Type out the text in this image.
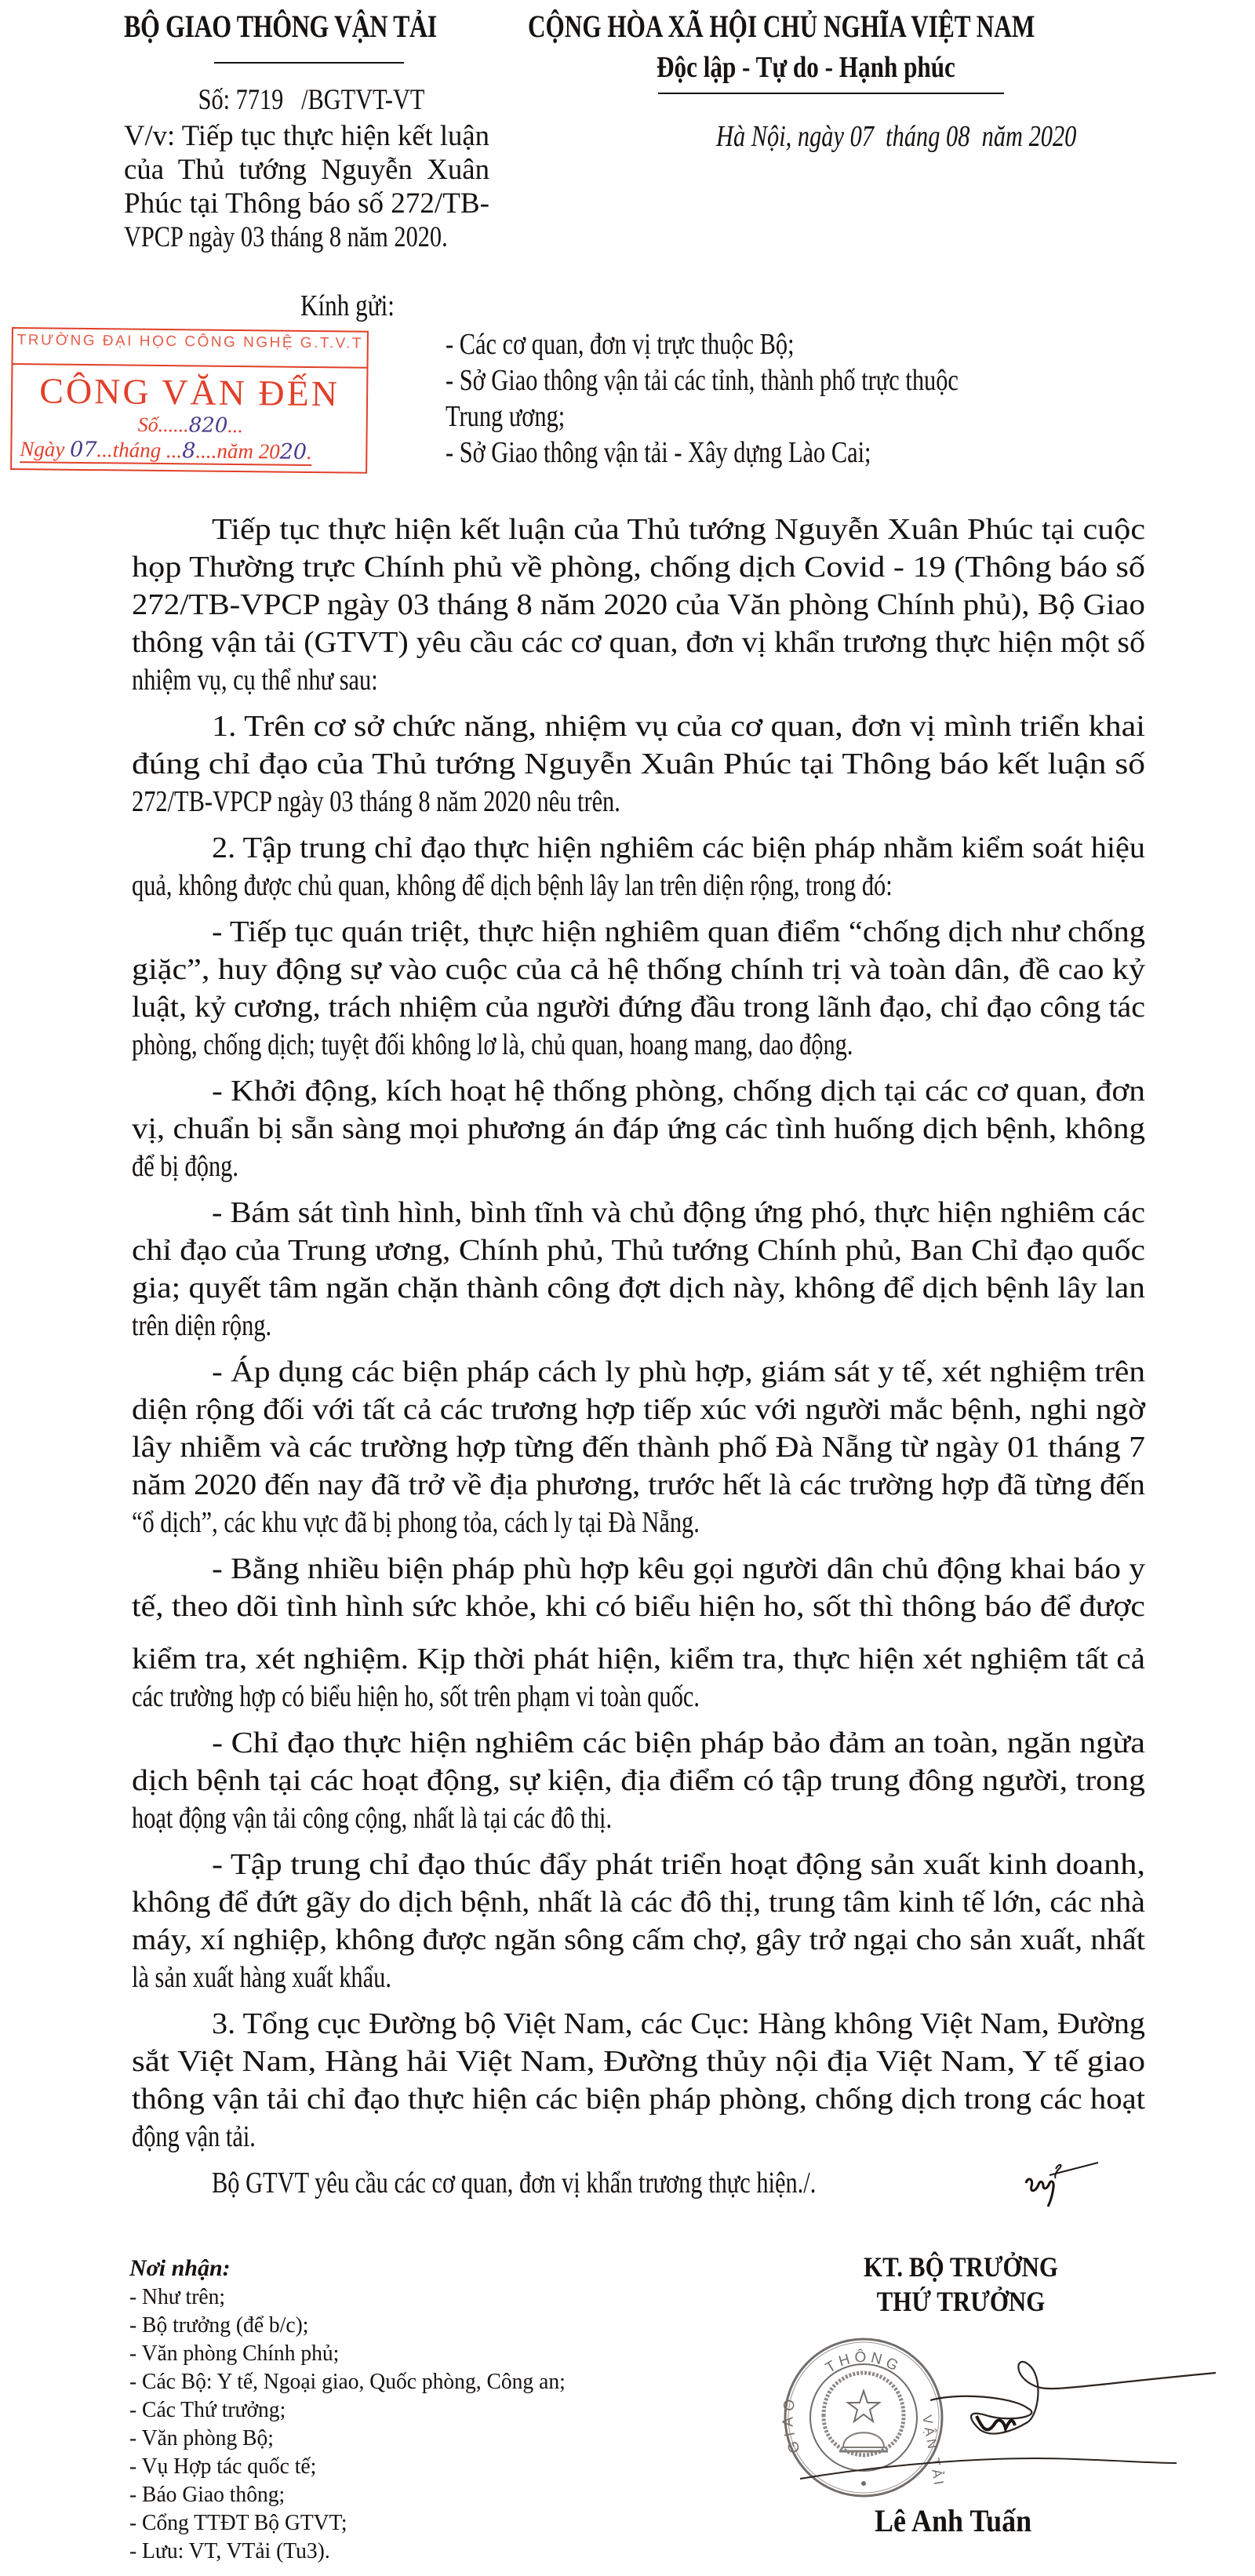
BỘ GIAO THÔNG VẬN TẢI	CỘNG HÒA XÃ HỘI CHỦ NGHĨA VIỆT NAM
Độc lập - Tự do - Hạnh phúc
Số: 7719   /BGTVT-VT
V/v: Tiếp tục thực hiện kết luận
của  Thủ  tướng  Nguyễn  Xuân
Phúc tại Thông báo số 272/TB-
VPCP ngày 03 tháng 8 năm 2020.
Hà Nội, ngày 07  tháng 08  năm 2020
TRƯỜNG ĐẠI HỌC CÔNG NGHỆ G.T.V.T
CÔNG VĂN ĐẾN
Số......820...
Ngày 07...tháng ...8....năm 2020.
Kính gửi:
- Các cơ quan, đơn vị trực thuộc Bộ;
- Sở Giao thông vận tải các tỉnh, thành phố trực thuộc
Trung ương;
- Sở Giao thông vận tải - Xây dựng Lào Cai;
Tiếp tục thực hiện kết luận của Thủ tướng Nguyễn Xuân Phúc tại cuộc
họp Thường trực Chính phủ về phòng, chống dịch Covid - 19 (Thông báo số
272/TB-VPCP ngày 03 tháng 8 năm 2020 của Văn phòng Chính phủ), Bộ Giao
thông vận tải (GTVT) yêu cầu các cơ quan, đơn vị khẩn trương thực hiện một số
nhiệm vụ, cụ thể như sau:
1. Trên cơ sở chức năng, nhiệm vụ của cơ quan, đơn vị mình triển khai
đúng chỉ đạo của Thủ tướng Nguyễn Xuân Phúc tại Thông báo kết luận số
272/TB-VPCP ngày 03 tháng 8 năm 2020 nêu trên.
2. Tập trung chỉ đạo thực hiện nghiêm các biện pháp nhằm kiểm soát hiệu
quả, không được chủ quan, không để dịch bệnh lây lan trên diện rộng, trong đó:
- Tiếp tục quán triệt, thực hiện nghiêm quan điểm “chống dịch như chống
giặc”, huy động sự vào cuộc của cả hệ thống chính trị và toàn dân, đề cao kỷ
luật, kỷ cương, trách nhiệm của người đứng đầu trong lãnh đạo, chỉ đạo công tác
phòng, chống dịch; tuyệt đối không lơ là, chủ quan, hoang mang, dao động.
- Khởi động, kích hoạt hệ thống phòng, chống dịch tại các cơ quan, đơn
vị, chuẩn bị sẵn sàng mọi phương án đáp ứng các tình huống dịch bệnh, không
để bị động.
- Bám sát tình hình, bình tĩnh và chủ động ứng phó, thực hiện nghiêm các
chỉ đạo của Trung ương, Chính phủ, Thủ tướng Chính phủ, Ban Chỉ đạo quốc
gia; quyết tâm ngăn chặn thành công đợt dịch này, không để dịch bệnh lây lan
trên diện rộng.
- Áp dụng các biện pháp cách ly phù hợp, giám sát y tế, xét nghiệm trên
diện rộng đối với tất cả các trương hợp tiếp xúc với người mắc bệnh, nghi ngờ
lây nhiễm và các trường hợp từng đến thành phố Đà Nẵng từ ngày 01 tháng 7
năm 2020 đến nay đã trở về địa phương, trước hết là các trường hợp đã từng đến
“ổ dịch”, các khu vực đã bị phong tỏa, cách ly tại Đà Nẵng.
- Bằng nhiều biện pháp phù hợp kêu gọi người dân chủ động khai báo y
tế, theo dõi tình hình sức khỏe, khi có biểu hiện ho, sốt thì thông báo để được
kiểm tra, xét nghiệm. Kịp thời phát hiện, kiểm tra, thực hiện xét nghiệm tất cả
các trường hợp có biểu hiện ho, sốt trên phạm vi toàn quốc.
- Chỉ đạo thực hiện nghiêm các biện pháp bảo đảm an toàn, ngăn ngừa
dịch bệnh tại các hoạt động, sự kiện, địa điểm có tập trung đông người, trong
hoạt động vận tải công cộng, nhất là tại các đô thị.
- Tập trung chỉ đạo thúc đẩy phát triển hoạt động sản xuất kinh doanh,
không để đứt gãy do dịch bệnh, nhất là các đô thị, trung tâm kinh tế lớn, các nhà
máy, xí nghiệp, không được ngăn sông cấm chợ, gây trở ngại cho sản xuất, nhất
là sản xuất hàng xuất khẩu.
3. Tổng cục Đường bộ Việt Nam, các Cục: Hàng không Việt Nam, Đường
sắt Việt Nam, Hàng hải Việt Nam, Đường thủy nội địa Việt Nam, Y tế giao
thông vận tải chỉ đạo thực hiện các biện pháp phòng, chống dịch trong các hoạt
động vận tải.
Bộ GTVT yêu cầu các cơ quan, đơn vị khẩn trương thực hiện./.
Nơi nhận:
- Như trên;
- Bộ trưởng (để b/c);
- Văn phòng Chính phủ;
- Các Bộ: Y tế, Ngoại giao, Quốc phòng, Công an;
- Các Thứ trưởng;
- Văn phòng Bộ;
- Vụ Hợp tác quốc tế;
- Báo Giao thông;
- Cổng TTĐT Bộ GTVT;
- Lưu: VT, VTải (Tu3).
KT. BỘ TRƯỞNG
THỨ TRƯỞNG
THÔNG
GIAO
VẬN TẢI
Lê Anh Tuấn
